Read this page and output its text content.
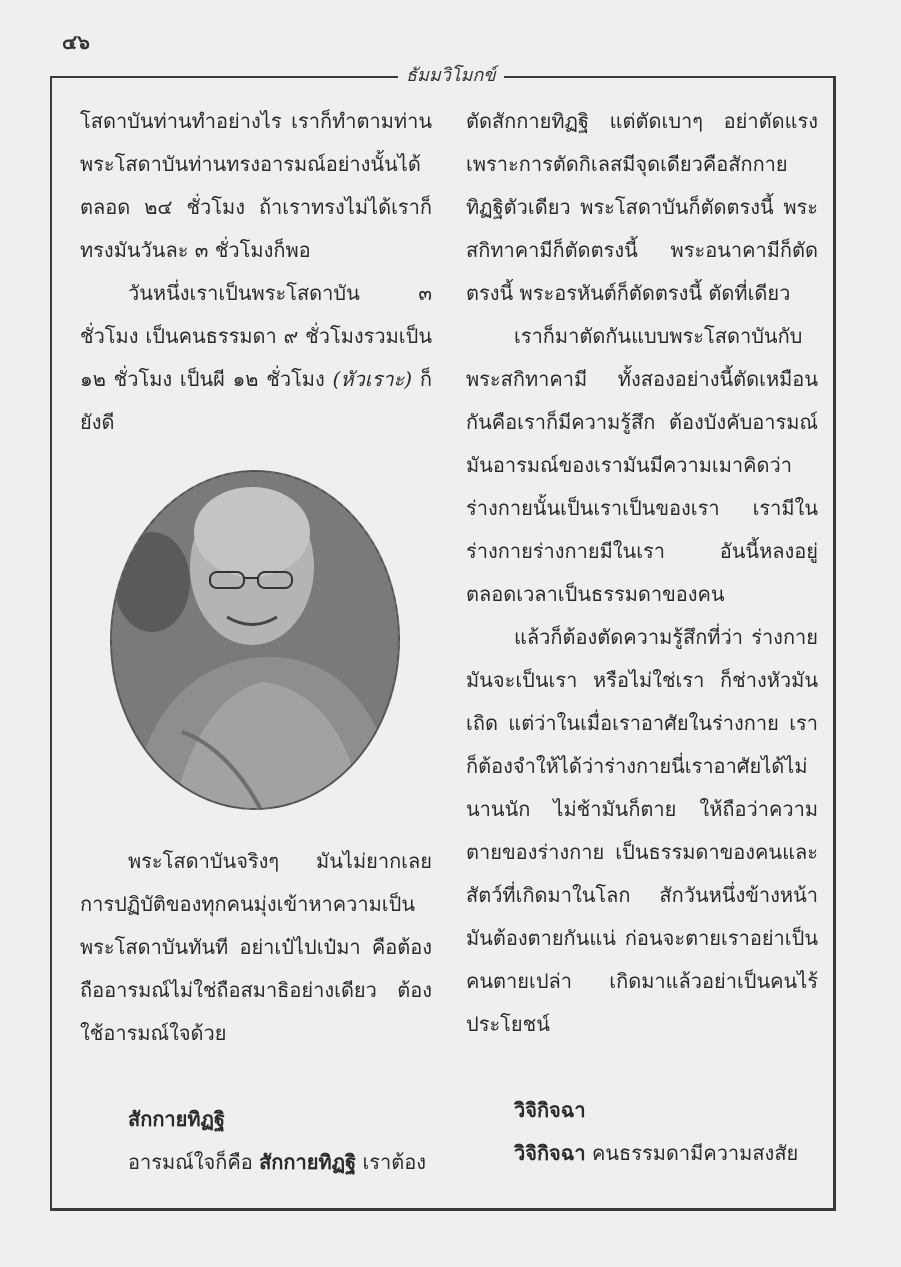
๔๖
ธัมมวิโมกข์

โสดาบันท่านทำอย่างไร เราก็ทำตามท่าน พระโสดาบันท่านทรงอารมณ์อย่างนั้นได้ตลอด ๒๔ ชั่วโมง ถ้าเราทรงไม่ได้เราก็ทรงมันวันละ ๓ ชั่วโมงก็พอ

วันหนึ่งเราเป็นพระโสดาบัน ๓ ชั่วโมง เป็นคนธรรมดา ๙ ชั่วโมงรวมเป็น ๑๒ ชั่วโมง เป็นผี ๑๒ ชั่วโมง (หัวเราะ) ก็ยังดี

พระโสดาบันจริงๆ มันไม่ยากเลย การปฏิบัติของทุกคนมุ่งเข้าหาความเป็นพระโสดาบันทันที อย่าเป๋ไปเป๋มา คือต้องถืออารมณ์ไม่ใช่ถือสมาธิอย่างเดียว ต้องใช้อารมณ์ใจด้วย

สักกายทิฏฐิ

อารมณ์ใจก็คือ สักกายทิฏฐิ เราต้อง

ตัดสักกายทิฏฐิ แต่ตัดเบาๆ อย่าตัดแรง เพราะการตัดกิเลสมีจุดเดียวคือสักกายทิฏฐิตัวเดียว พระโสดาบันก็ตัดตรงนี้ พระสกิทาคามีก็ตัดตรงนี้ พระอนาคามีก็ตัดตรงนี้ พระอรหันต์ก็ตัดตรงนี้ ตัดที่เดียว

เราก็มาตัดกันแบบพระโสดาบันกับพระสกิทาคามี ทั้งสองอย่างนี้ตัดเหมือนกันคือเราก็มีความรู้สึก ต้องบังคับอารมณ์มันอารมณ์ของเรามันมีความเมาคิดว่าร่างกายนั้นเป็นเราเป็นของเรา เรามีในร่างกายร่างกายมีในเรา อันนี้หลงอยู่ตลอดเวลาเป็นธรรมดาของคน

แล้วก็ต้องตัดความรู้สึกที่ว่า ร่างกายมันจะเป็นเรา หรือไม่ใช่เรา ก็ช่างหัวมันเถิด แต่ว่าในเมื่อเราอาศัยในร่างกาย เราก็ต้องจำให้ได้ว่าร่างกายนี่เราอาศัยได้ไม่นานนัก ไม่ช้ามันก็ตาย ให้ถือว่าความตายของร่างกาย เป็นธรรมดาของคนและสัตว์ที่เกิดมาในโลก สักวันหนึ่งข้างหน้ามันต้องตายกันแน่ ก่อนจะตายเราอย่าเป็นคนตายเปล่า เกิดมาแล้วอย่าเป็นคนไร้ประโยชน์

วิจิกิจฉา

วิจิกิจฉา คนธรรมดามีความสงสัย
